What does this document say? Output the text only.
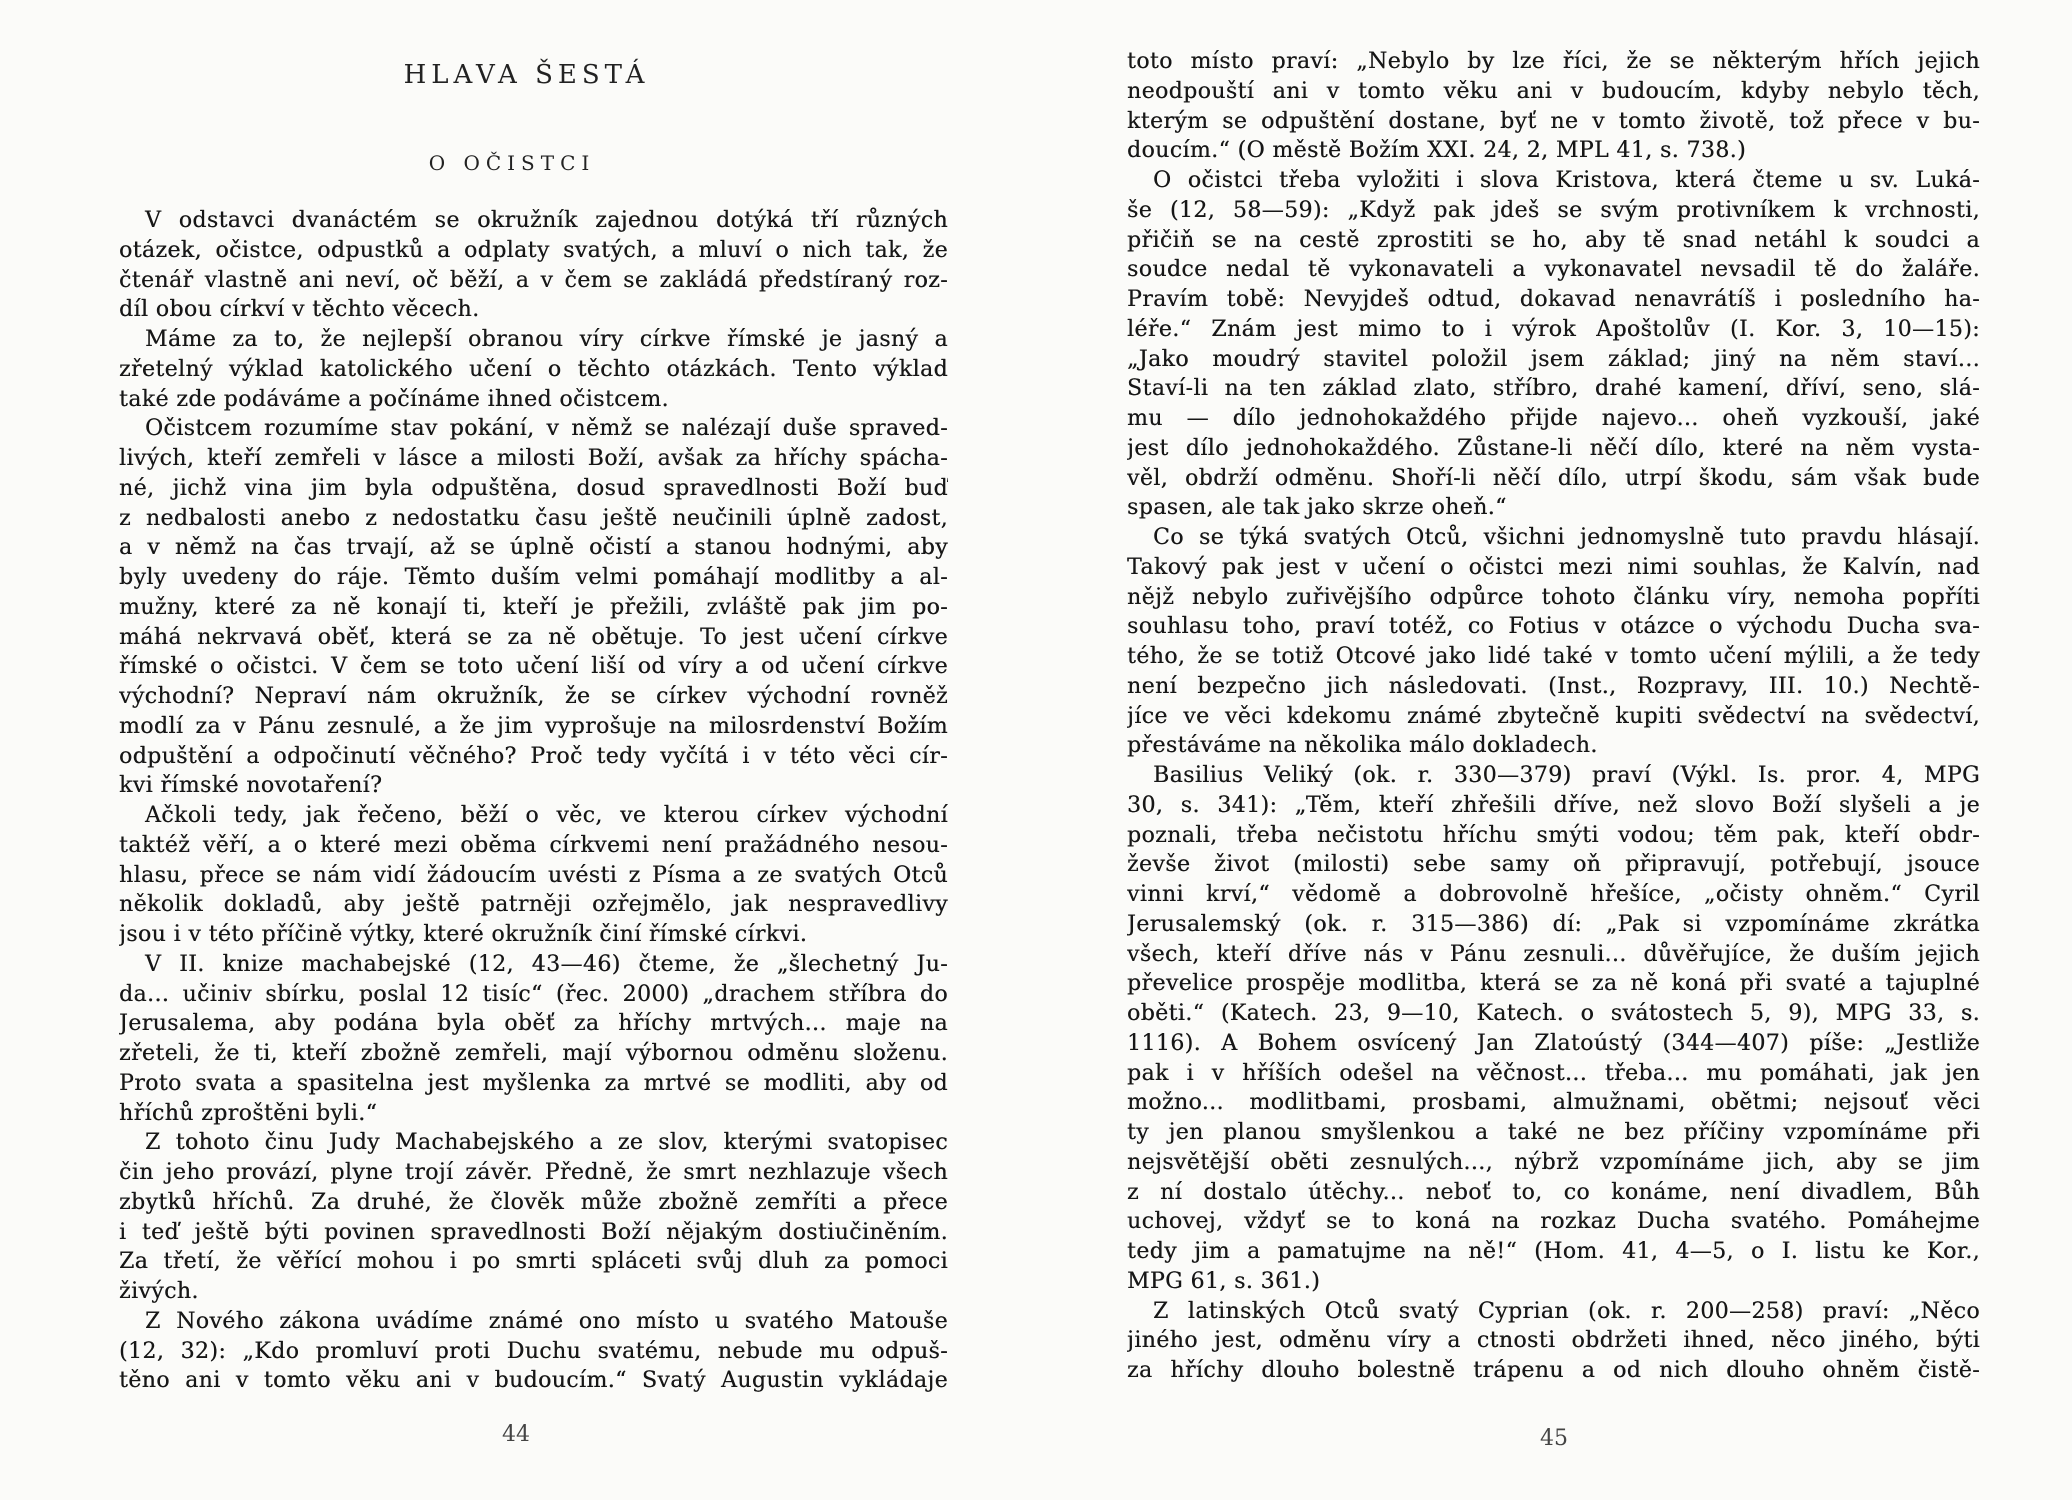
HLAVA ŠESTÁ
O OČISTCI
V odstavci dvanáctém se okružník zajednou dotýká tří různých
otázek, očistce, odpustků a odplaty svatých, a mluví o nich tak, že
čtenář vlastně ani neví, oč běží, a v čem se zakládá předstíraný roz-
díl obou církví v těchto věcech.
Máme za to, že nejlepší obranou víry církve římské je jasný a
zřetelný výklad katolického učení o těchto otázkách. Tento výklad
také zde podáváme a počínáme ihned očistcem.
Očistcem rozumíme stav pokání, v němž se nalézají duše spraved-
livých, kteří zemřeli v lásce a milosti Boží, avšak za hříchy spácha-
né, jichž vina jim byla odpuštěna, dosud spravedlnosti Boží buď
z nedbalosti anebo z nedostatku času ještě neučinili úplně zadost,
a v němž na čas trvají, až se úplně očistí a stanou hodnými, aby
byly uvedeny do ráje. Těmto duším velmi pomáhají modlitby a al-
mužny, které za ně konají ti, kteří je přežili, zvláště pak jim po-
máhá nekrvavá oběť, která se za ně obětuje. To jest učení církve
římské o očistci. V čem se toto učení liší od víry a od učení církve
východní? Nepraví nám okružník, že se církev východní rovněž
modlí za v Pánu zesnulé, a že jim vyprošuje na milosrdenství Božím
odpuštění a odpočinutí věčného? Proč tedy vyčítá i v této věci cír-
kvi římské novotaření?
Ačkoli tedy, jak řečeno, běží o věc, ve kterou církev východní
taktéž věří, a o které mezi oběma církvemi není pražádného nesou-
hlasu, přece se nám vidí žádoucím uvésti z Písma a ze svatých Otců
několik dokladů, aby ještě patrněji ozřejmělo, jak nespravedlivy
jsou i v této příčině výtky, které okružník činí římské církvi.
V II. knize machabejské (12, 43—46) čteme, že „šlechetný Ju-
da... učiniv sbírku, poslal 12 tisíc“ (řec. 2000) „drachem stříbra do
Jerusalema, aby podána byla oběť za hříchy mrtvých... maje na
zřeteli, že ti, kteří zbožně zemřeli, mají výbornou odměnu složenu.
Proto svata a spasitelna jest myšlenka za mrtvé se modliti, aby od
hříchů zproštěni byli.“
Z tohoto činu Judy Machabejského a ze slov, kterými svatopisec
čin jeho provází, plyne trojí závěr. Předně, že smrt nezhlazuje všech
zbytků hříchů. Za druhé, že člověk může zbožně zemříti a přece
i teď ještě býti povinen spravedlnosti Boží nějakým dostiučiněním.
Za třetí, že věřící mohou i po smrti spláceti svůj dluh za pomoci
živých.
Z Nového zákona uvádíme známé ono místo u svatého Matouše
(12, 32): „Kdo promluví proti Duchu svatému, nebude mu odpuš-
těno ani v tomto věku ani v budoucím.“ Svatý Augustin vykládaje
44
toto místo praví: „Nebylo by lze říci, že se některým hřích jejich
neodpouští ani v tomto věku ani v budoucím, kdyby nebylo těch,
kterým se odpuštění dostane, byť ne v tomto životě, tož přece v bu-
doucím.“ (O městě Božím XXI. 24, 2, MPL 41, s. 738.)
O očistci třeba vyložiti i slova Kristova, která čteme u sv. Luká-
še (12, 58—59): „Když pak jdeš se svým protivníkem k vrchnosti,
přičiň se na cestě zprostiti se ho, aby tě snad netáhl k soudci a
soudce nedal tě vykonavateli a vykonavatel nevsadil tě do žaláře.
Pravím tobě: Nevyjdeš odtud, dokavad nenavrátíš i posledního ha-
léře.“ Znám jest mimo to i výrok Apoštolův (I. Kor. 3, 10—15):
„Jako moudrý stavitel položil jsem základ; jiný na něm staví...
Staví-li na ten základ zlato, stříbro, drahé kamení, dříví, seno, slá-
mu — dílo jednohokaždého přijde najevo... oheň vyzkouší, jaké
jest dílo jednohokaždého. Zůstane-li něčí dílo, které na něm vysta-
věl, obdrží odměnu. Shoří-li něčí dílo, utrpí škodu, sám však bude
spasen, ale tak jako skrze oheň.“
Co se týká svatých Otců, všichni jednomyslně tuto pravdu hlásají.
Takový pak jest v učení o očistci mezi nimi souhlas, že Kalvín, nad
nějž nebylo zuřivějšího odpůrce tohoto článku víry, nemoha popříti
souhlasu toho, praví totéž, co Fotius v otázce o východu Ducha sva-
tého, že se totiž Otcové jako lidé také v tomto učení mýlili, a že tedy
není bezpečno jich následovati. (Inst., Rozpravy, III. 10.) Nechtě-
jíce ve věci kdekomu známé zbytečně kupiti svědectví na svědectví,
přestáváme na několika málo dokladech.
Basilius Veliký (ok. r. 330—379) praví (Výkl. Is. pror. 4, MPG
30, s. 341): „Těm, kteří zhřešili dříve, než slovo Boží slyšeli a je
poznali, třeba nečistotu hříchu smýti vodou; těm pak, kteří obdr-
ževše život (milosti) sebe samy oň připravují, potřebují, jsouce
vinni krví,“ vědomě a dobrovolně hřešíce, „očisty ohněm.“ Cyril
Jerusalemský (ok. r. 315—386) dí: „Pak si vzpomínáme zkrátka
všech, kteří dříve nás v Pánu zesnuli... důvěřujíce, že duším jejich
převelice prospěje modlitba, která se za ně koná při svaté a tajuplné
oběti.“ (Katech. 23, 9—10, Katech. o svátostech 5, 9), MPG 33, s.
1116). A Bohem osvícený Jan Zlatoústý (344—407) píše: „Jestliže
pak i v hříších odešel na věčnost... třeba... mu pomáhati, jak jen
možno... modlitbami, prosbami, almužnami, obětmi; nejsouť věci
ty jen planou smyšlenkou a také ne bez příčiny vzpomínáme při
nejsvětější oběti zesnulých..., nýbrž vzpomínáme jich, aby se jim
z ní dostalo útěchy... neboť to, co konáme, není divadlem, Bůh
uchovej, vždyť se to koná na rozkaz Ducha svatého. Pomáhejme
tedy jim a pamatujme na ně!“ (Hom. 41, 4—5, o I. listu ke Kor.,
MPG 61, s. 361.)
Z latinských Otců svatý Cyprian (ok. r. 200—258) praví: „Něco
jiného jest, odměnu víry a ctnosti obdržeti ihned, něco jiného, býti
za hříchy dlouho bolestně trápenu a od nich dlouho ohněm čistě-
45
